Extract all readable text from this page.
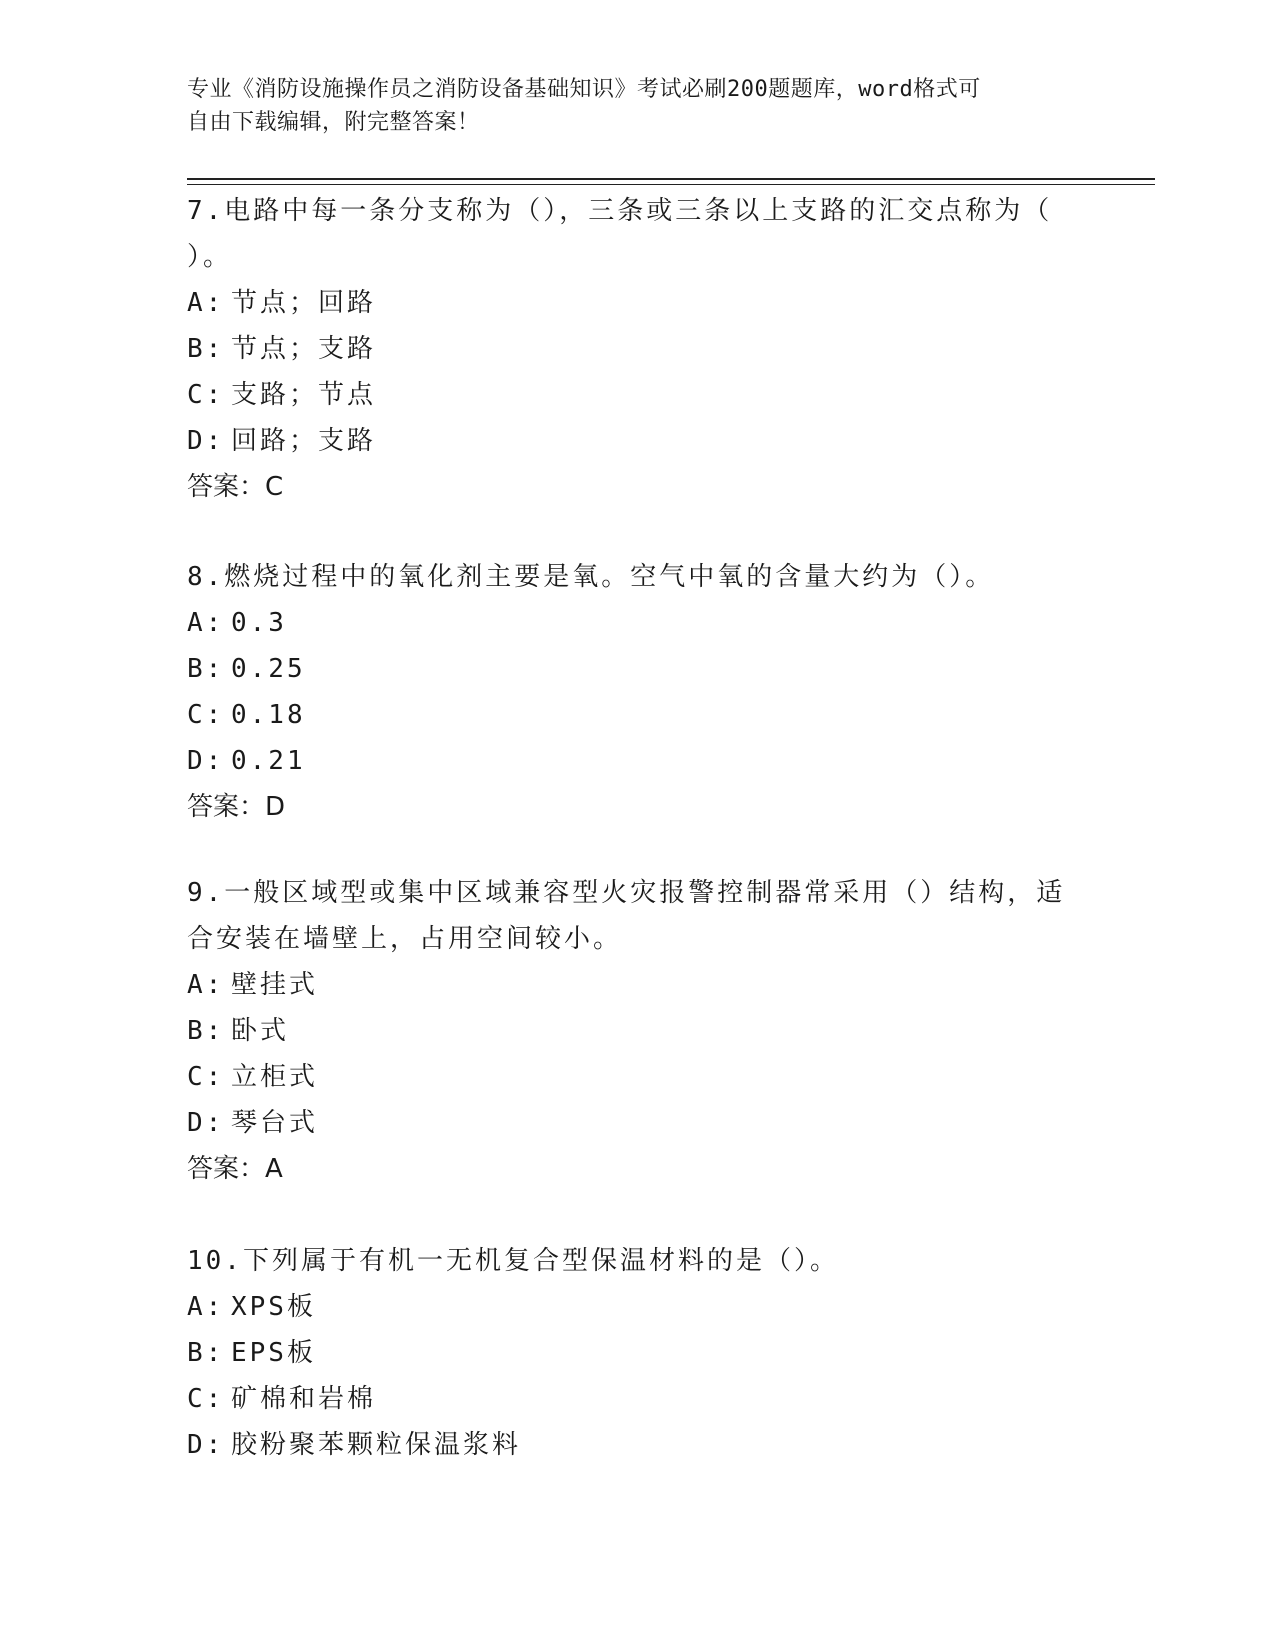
专业《消防设施操作员之消防设备基础知识》考试必刷200题题库，word格式可
自由下载编辑，附完整答案！
7.电路中每一条分支称为（），三条或三条以上支路的汇交点称为（
）。
A: 节点；回路
B: 节点；支路
C: 支路；节点
D: 回路；支路
答案：C
8.燃烧过程中的氧化剂主要是氧。空气中氧的含量大约为（）。
A: 0.3
B: 0.25
C: 0.18
D: 0.21
答案：D
9.一般区域型或集中区域兼容型火灾报警控制器常采用（）结构，适
合安装在墙壁上，占用空间较小。
A: 壁挂式
B: 卧式
C: 立柜式
D: 琴台式
答案：A
10.下列属于有机一无机复合型保温材料的是（）。
A: XPS板
B: EPS板
C: 矿棉和岩棉
D: 胶粉聚苯颗粒保温浆料
